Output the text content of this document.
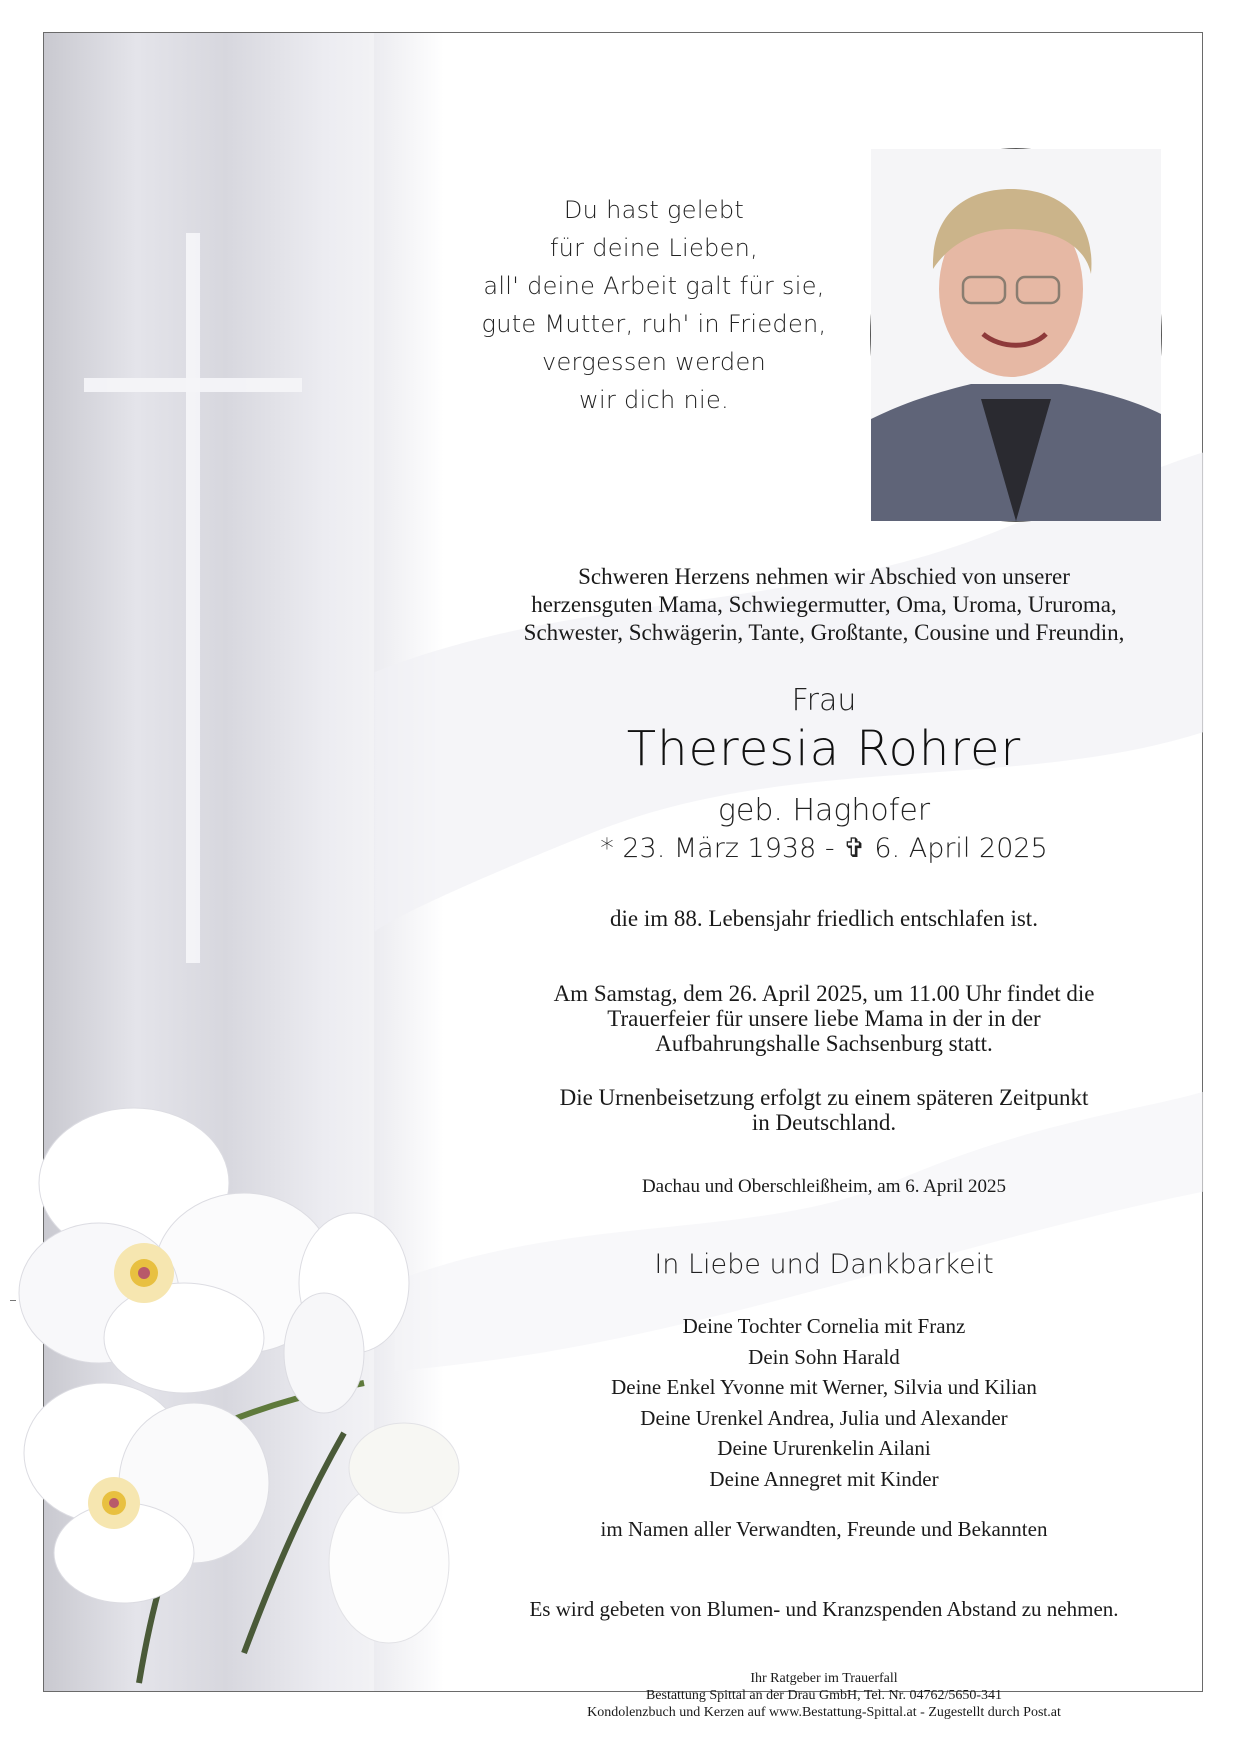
Du hast gelebt
für deine Lieben,
all' deine Arbeit galt für sie,
gute Mutter, ruh' in Frieden,
vergessen werden
wir dich nie.
Schweren Herzens nehmen wir Abschied von unserer
herzensguten Mama, Schwiegermutter, Oma, Uroma, Ururoma,
Schwester, Schwägerin, Tante, Großtante, Cousine und Freundin,
Frau
Theresia Rohrer
geb. Haghofer
* 23. März 1938 - ✞ 6. April 2025
die im 88. Lebensjahr friedlich entschlafen ist.
Am Samstag, dem 26. April 2025, um 11.00 Uhr findet die
Trauerfeier für unsere liebe Mama in der in der
Aufbahrungshalle Sachsenburg statt.
Die Urnenbeisetzung erfolgt zu einem späteren Zeitpunkt
in Deutschland.
Dachau und Oberschleißheim, am 6. April 2025
In Liebe und Dankbarkeit
Deine Tochter Cornelia mit Franz
Dein Sohn Harald
Deine Enkel Yvonne mit Werner, Silvia und Kilian
Deine Urenkel Andrea, Julia und Alexander
Deine Ururenkelin Ailani
Deine Annegret mit Kinder
im Namen aller Verwandten, Freunde und Bekannten
Es wird gebeten von Blumen- und Kranzspenden Abstand zu nehmen.
Ihr Ratgeber im Trauerfall
Bestattung Spittal an der Drau GmbH, Tel. Nr. 04762/5650-341
Kondolenzbuch und Kerzen auf www.Bestattung-Spittal.at - Zugestellt durch Post.at
